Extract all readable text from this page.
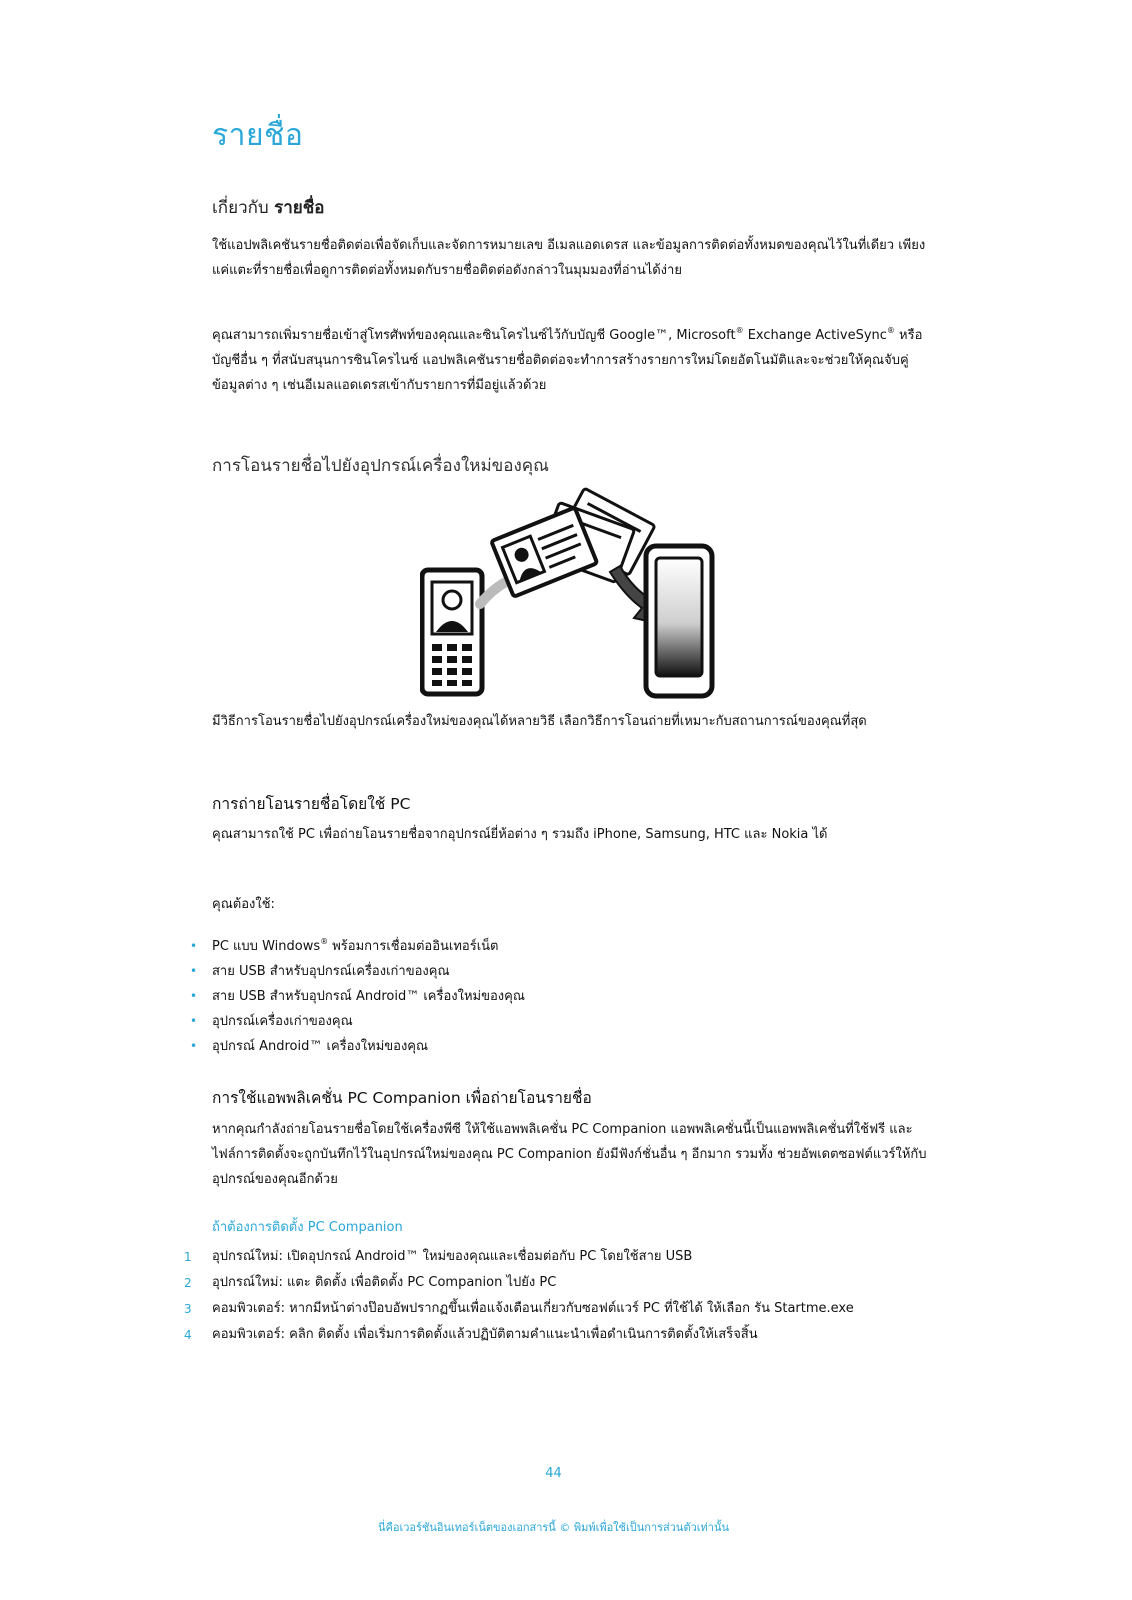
รายชื่อ
เกี่ยวกับ รายชื่อ

ใช้แอปพลิเคชันรายชื่อติดต่อเพื่อจัดเก็บและจัดการหมายเลข อีเมลแอดเดรส และข้อมูลการติดต่อทั้งหมดของคุณไว้ในที่เดียว เพียงแค่แตะที่รายชื่อเพื่อดูการติดต่อทั้งหมดกับรายชื่อติดต่อดังกล่าวในมุมมองที่อ่านได้ง่าย

คุณสามารถเพิ่มรายชื่อเข้าสู่โทรศัพท์ของคุณและซินโครไนซ์ไว้กับบัญชี Google™, Microsoft® Exchange ActiveSync® หรือบัญชีอื่น ๆ ที่สนับสนุนการซินโครไนซ์ แอปพลิเคชันรายชื่อติดต่อจะทำการสร้างรายการใหม่โดยอัตโนมัติและจะช่วยให้คุณจับคู่ข้อมูลต่าง ๆ เช่นอีเมลแอดเดรสเข้ากับรายการที่มีอยู่แล้วด้วย

การโอนรายชื่อไปยังอุปกรณ์เครื่องใหม่ของคุณ

มีวิธีการโอนรายชื่อไปยังอุปกรณ์เครื่องใหม่ของคุณได้หลายวิธี เลือกวิธีการโอนถ่ายที่เหมาะกับสถานการณ์ของคุณที่สุด

การถ่ายโอนรายชื่อโดยใช้ PC

คุณสามารถใช้ PC เพื่อถ่ายโอนรายชื่อจากอุปกรณ์ยี่ห้อต่าง ๆ รวมถึง iPhone, Samsung, HTC และ Nokia ได้

คุณต้องใช้:

• PC แบบ Windows® พร้อมการเชื่อมต่ออินเทอร์เน็ต
• สาย USB สำหรับอุปกรณ์เครื่องเก่าของคุณ
• สาย USB สำหรับอุปกรณ์ Android™ เครื่องใหม่ของคุณ
• อุปกรณ์เครื่องเก่าของคุณ
• อุปกรณ์ Android™ เครื่องใหม่ของคุณ
การใช้แอพพลิเคชั่น PC Companion เพื่อถ่ายโอนรายชื่อ

หากคุณกำลังถ่ายโอนรายชื่อโดยใช้เครื่องพีซี ให้ใช้แอพพลิเคชั่น PC Companion แอพพลิเคชั่นนี้เป็นแอพพลิเคชั่นที่ใช้ฟรี และไฟล์การติดตั้งจะถูกบันทึกไว้ในอุปกรณ์ใหม่ของคุณ PC Companion ยังมีฟังก์ชั่นอื่น ๆ อีกมาก รวมทั้ง ช่วยอัพเดตซอฟต์แวร์ให้กับอุปกรณ์ของคุณอีกด้วย

ถ้าต้องการติดตั้ง PC Companion

1 อุปกรณ์ใหม่: เปิดอุปกรณ์ Android™ ใหม่ของคุณและเชื่อมต่อกับ PC โดยใช้สาย USB
2 อุปกรณ์ใหม่: แตะ ติดตั้ง เพื่อติดตั้ง PC Companion ไปยัง PC
3 คอมพิวเตอร์: หากมีหน้าต่างป๊อบอัพปรากฏขึ้นเพื่อแจ้งเตือนเกี่ยวกับซอฟต์แวร์ PC ที่ใช้ได้ ให้เลือก รัน Startme.exe
4 คอมพิวเตอร์: คลิก ติดตั้ง เพื่อเริ่มการติดตั้งแล้วปฏิบัติตามคำแนะนำเพื่อดำเนินการติดตั้งให้เสร็จสิ้น

44

นี่คือเวอร์ชันอินเทอร์เน็ตของเอกสารนี้ © พิมพ์เพื่อใช้เป็นการส่วนตัวเท่านั้น
